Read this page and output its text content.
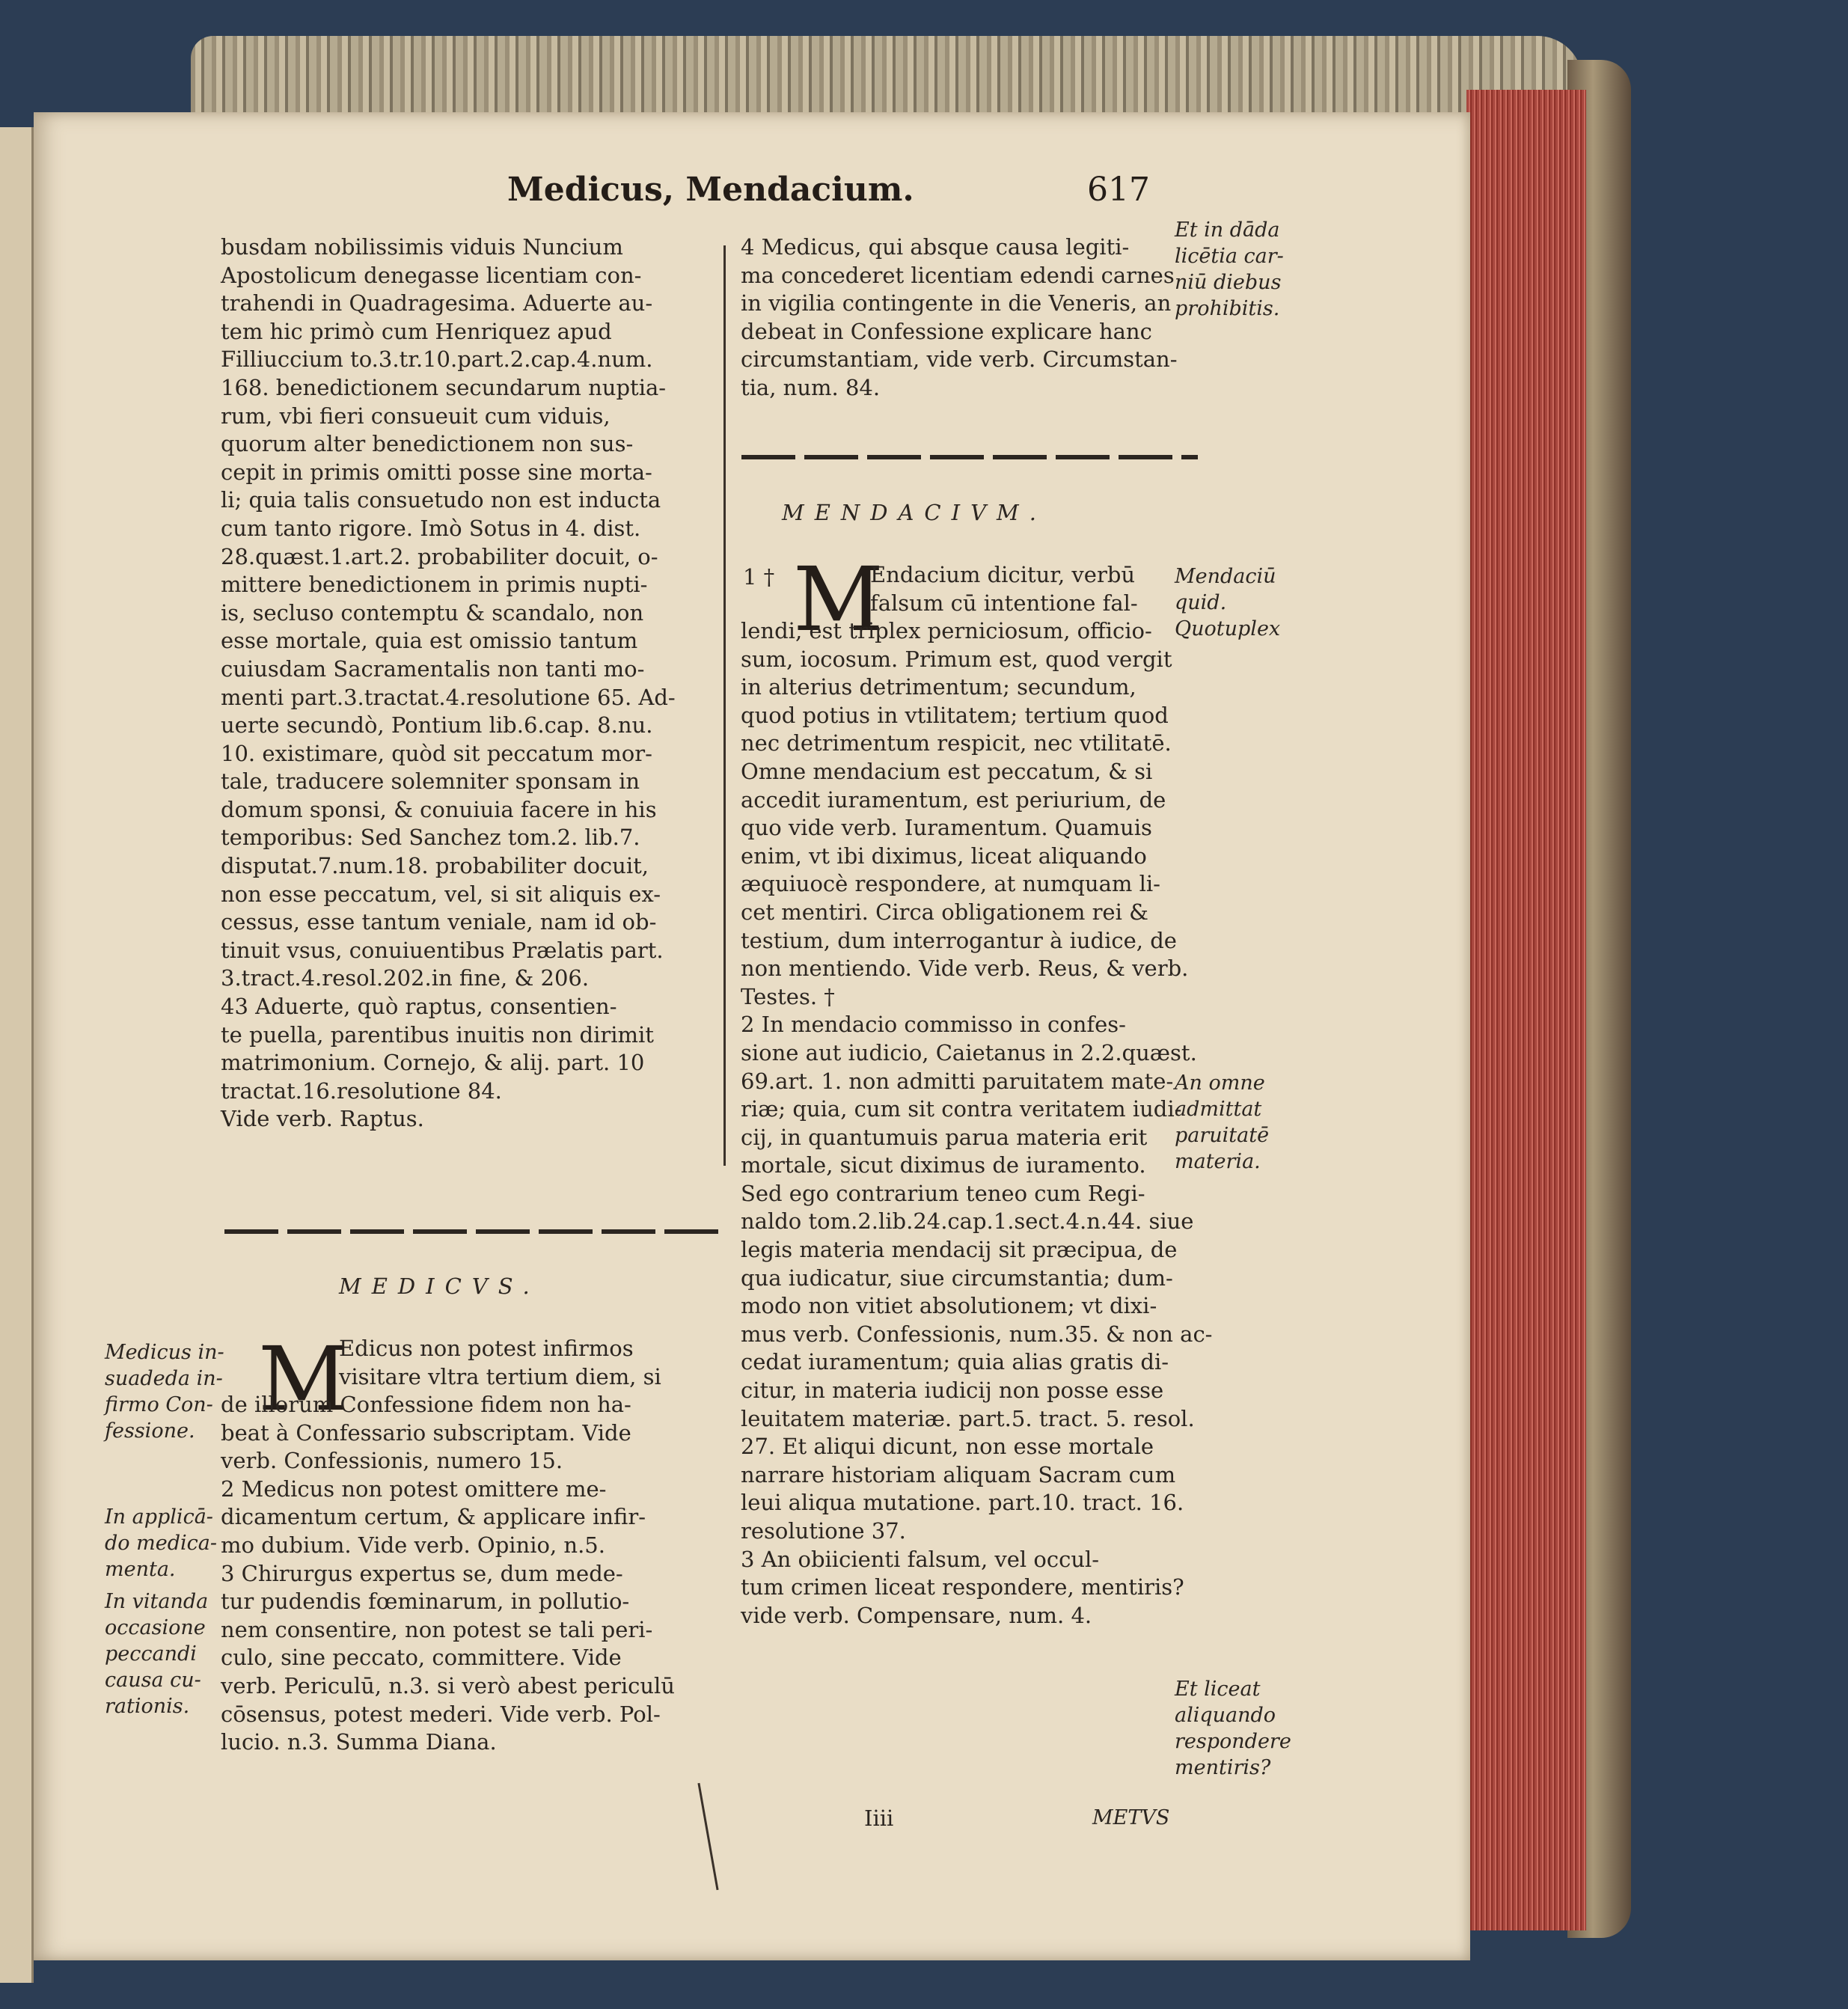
Medicus, Mendacium.	617
busdam nobilissimis viduis Nuncium
Apostolicum denegasse licentiam con-
trahendi in Quadragesima. Aduerte au-
tem hic primò cum Henriquez apud
Filliuccium to.3.tr.10.part.2.cap.4.num.
168. benedictionem secundarum nuptia-
rum, vbi fieri consueuit cum viduis,
quorum alter benedictionem non sus-
cepit in primis omitti posse sine morta-
li; quia talis consuetudo non est inducta
cum tanto rigore. Imò Sotus in 4. dist.
28.quæst.1.art.2. probabiliter docuit, o-
mittere benedictionem in primis nupti-
is, secluso contemptu & scandalo, non
esse mortale, quia est omissio tantum
cuiusdam Sacramentalis non tanti mo-
menti part.3.tractat.4.resolutione 65. Ad-
uerte secundò, Pontium lib.6.cap. 8.nu.
10. existimare, quòd sit peccatum mor-
tale, traducere solemniter sponsam in
domum sponsi, & conuiuia facere in his
temporibus: Sed Sanchez tom.2. lib.7.
disputat.7.num.18. probabiliter docuit,
non esse peccatum, vel, si sit aliquis ex-
cessus, esse tantum veniale, nam id ob-
tinuit vsus, conuiuentibus Prælatis part.
3.tract.4.resol.202.in fine, & 206.
43 Aduerte, quò raptus, consentien-
te puella, parentibus inuitis non dirimit
matrimonium. Cornejo, & alij. part. 10
tractat.16.resolutione 84.
Vide verb. Raptus.
MEDICVS.
M
Edicus non potest infirmos
visitare vltra tertium diem, si
de illorum Confessione fidem non ha-
beat à Confessario subscriptam. Vide
verb. Confessionis, numero 15.
2 Medicus non potest omittere me-
dicamentum certum, & applicare infir-
mo dubium. Vide verb. Opinio, n.5.
3 Chirurgus expertus se, dum mede-
tur pudendis fœminarum, in pollutio-
nem consentire, non potest se tali peri-
culo, sine peccato, committere. Vide
verb. Periculū, n.3. si verò abest periculū
cōsensus, potest mederi. Vide verb. Pol-
lucio. n.3. Summa Diana.
Medicus in-
suadeda in-
firmo Con-
fessione.
In applicā-
do medica-
menta.
In vitanda
occasione
peccandi
causa cu-
rationis.
4 Medicus, qui absque causa legiti-
ma concederet licentiam edendi carnes
in vigilia contingente in die Veneris, an
debeat in Confessione explicare hanc
circumstantiam, vide verb. Circumstan-
tia, num. 84.
MENDACIVM.
1 † M
Endacium dicitur, verbū
falsum cū intentione fal-
lendi, est triplex perniciosum, officio-
sum, iocosum. Primum est, quod vergit
in alterius detrimentum; secundum,
quod potius in vtilitatem; tertium quod
nec detrimentum respicit, nec vtilitatē.
Omne mendacium est peccatum, & si
accedit iuramentum, est periurium, de
quo vide verb. Iuramentum. Quamuis
enim, vt ibi diximus, liceat aliquando
æquiuocè respondere, at numquam li-
cet mentiri. Circa obligationem rei &
testium, dum interrogantur à iudice, de
non mentiendo. Vide verb. Reus, & verb.
Testes. †
2 In mendacio commisso in confes-
sione aut iudicio, Caietanus in 2.2.quæst.
69.art. 1. non admitti paruitatem mate-
riæ; quia, cum sit contra veritatem iudi-
cij, in quantumuis parua materia erit
mortale, sicut diximus de iuramento.
Sed ego contrarium teneo cum Regi-
naldo tom.2.lib.24.cap.1.sect.4.n.44. siue
legis materia mendacij sit præcipua, de
qua iudicatur, siue circumstantia; dum-
modo non vitiet absolutionem; vt dixi-
mus verb. Confessionis, num.35. & non ac-
cedat iuramentum; quia alias gratis di-
citur, in materia iudicij non posse esse
leuitatem materiæ. part.5. tract. 5. resol.
27. Et aliqui dicunt, non esse mortale
narrare historiam aliquam Sacram cum
leui aliqua mutatione. part.10. tract. 16.
resolutione 37.
3 An obiicienti falsum, vel occul-
tum crimen liceat respondere, mentiris?
vide verb. Compensare, num. 4.
Et in dāda
licētia car-
niū diebus
prohibitis.
Mendaciū
quid.
Quotuplex
An omne
admittat
paruitatē
materia.
Et liceat
aliquando
respondere
mentiris?
Iiii	METVS
